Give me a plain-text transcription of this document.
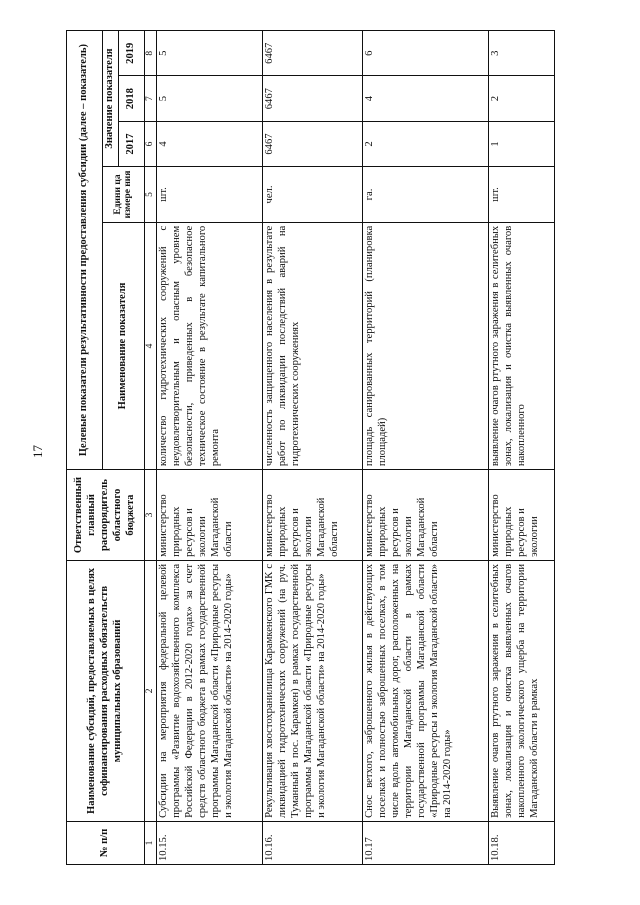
17
№ п/п	Наименование субсидий, предоставляемых в целях софинансирования расходных обязательств муниципальных образований	Ответственный главный распорядитель областного бюджета	Целевые показатели результативности предоставления субсидии (далее – показатель)				
			Наименование показателя	Едини ца измере ния	Значение показателя		
					2017	2018	2019
1	2	3	4	5	6	7	8
10.15.	Субсидии на мероприятия федеральной целевой программы «Развитие водохозяйственного комплекса Российской Федерации в 2012-2020 годах» за счет средств областного бюджета в рамках государственной программы Магаданской области «Природные ресурсы и экология Магаданской области» на 2014-2020 годы»	министерство природных ресурсов и экологии Магаданской области	количество гидротехнических сооружений с неудовлетворительным и опасным уровнем безопасности, приведенных в безопасное техническое состояние в результате капитального ремонта	шт.	4	5	5
10.16.	Рекультивация хвостохранилища Карамкенского ГМК с ликвидацией гидротехнических сооружений (на руч. Туманный в пос. Карамкен) в рамках государственной программы Магаданской области «Природные ресурсы и экология Магаданской области» на 2014-2020 годы»	министерство природных ресурсов и экологии Магаданской области	численность защищенного населения в результате работ по ликвидации последствий аварий на гидротехнических сооружениях	чел.	6467	6467	6467
10.17	Снос ветхого, заброшенного жилья в действующих поселках и полностью заброшенных поселках, в том числе вдоль автомобильных дорог, расположенных на территории Магаданской области в рамках государственной программы Магаданской области «Природные ресурсы и экология Магаданской области» на 2014-2020 годы»	министерство природных ресурсов и экологии Магаданской области	площадь санированных территорий (планировка площадей)	га.	2	4	6
10.18.	Выявление очагов ртутного заражения в селитебных зонах, локализация и очистка выявленных очагов накопленного экологического ущерба на территории Магаданской области в рамках	министерство природных ресурсов и экологии	выявление очагов ртутного заражения в селитебных зонах, локализация и очистка выявленных очагов накопленного	шт.	1	2	3
